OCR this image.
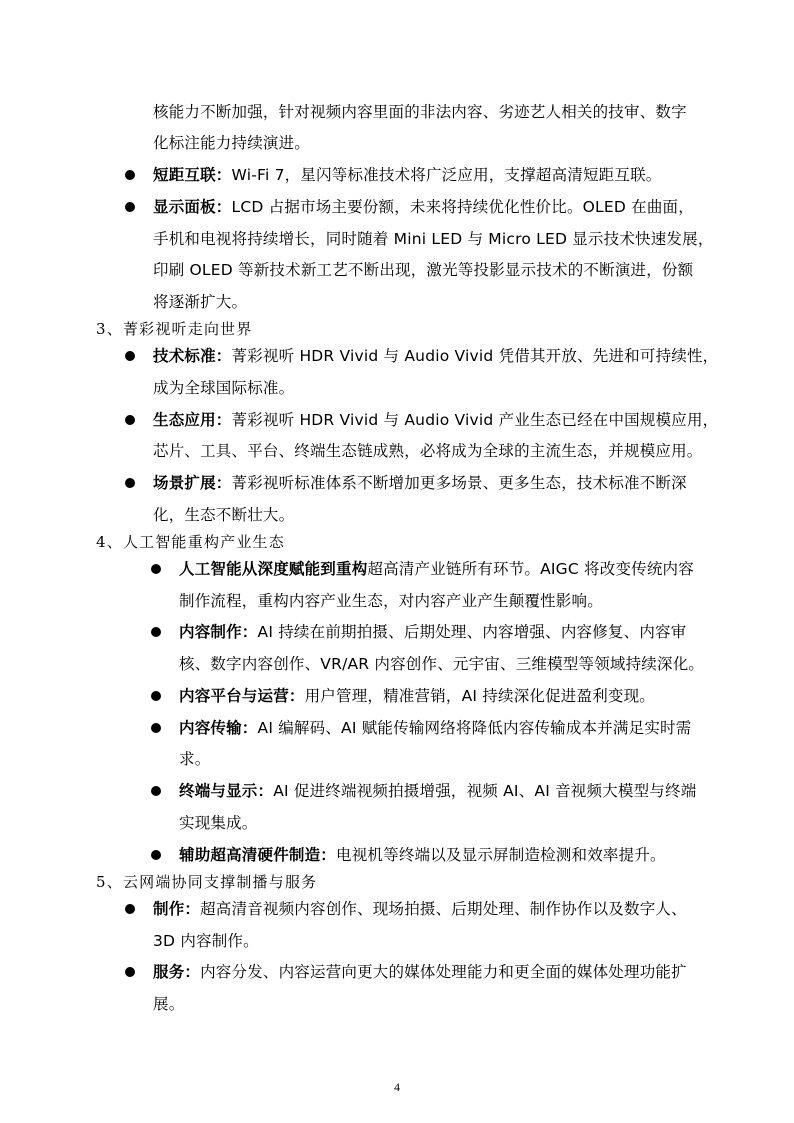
核能力不断加强，针对视频内容里面的非法内容、劣迹艺人相关的技审、数字
化标注能力持续演进。
短距互联：Wi-Fi 7，星闪等标准技术将广泛应用，支撑超高清短距互联。
显示面板：LCD 占据市场主要份额，未来将持续优化性价比。OLED 在曲面，
手机和电视将持续增长，同时随着 Mini LED 与 Micro LED 显示技术快速发展，
印刷 OLED 等新技术新工艺不断出现，激光等投影显示技术的不断演进，份额
将逐渐扩大。
3、菁彩视听走向世界
技术标准：菁彩视听 HDR Vivid 与 Audio Vivid 凭借其开放、先进和可持续性，
成为全球国际标准。
生态应用：菁彩视听 HDR Vivid 与 Audio Vivid 产业生态已经在中国规模应用，
芯片、工具、平台、终端生态链成熟，必将成为全球的主流生态，并规模应用。
场景扩展：菁彩视听标准体系不断增加更多场景、更多生态，技术标准不断深
化，生态不断壮大。
4、人工智能重构产业生态
人工智能从深度赋能到重构超高清产业链所有环节。AIGC 将改变传统内容
制作流程，重构内容产业生态，对内容产业产生颠覆性影响。
内容制作：AI 持续在前期拍摄、后期处理、内容增强、内容修复、内容审
核、数字内容创作、VR/AR 内容创作、元宇宙、三维模型等领域持续深化。
内容平台与运营：用户管理，精准营销，AI 持续深化促进盈利变现。
内容传输：AI 编解码、AI 赋能传输网络将降低内容传输成本并满足实时需
求。
终端与显示：AI 促进终端视频拍摄增强，视频 AI、AI 音视频大模型与终端
实现集成。
辅助超高清硬件制造：电视机等终端以及显示屏制造检测和效率提升。
5、云网端协同支撑制播与服务
制作：超高清音视频内容创作、现场拍摄、后期处理、制作协作以及数字人、
3D 内容制作。
服务：内容分发、内容运营向更大的媒体处理能力和更全面的媒体处理功能扩
展。
4
